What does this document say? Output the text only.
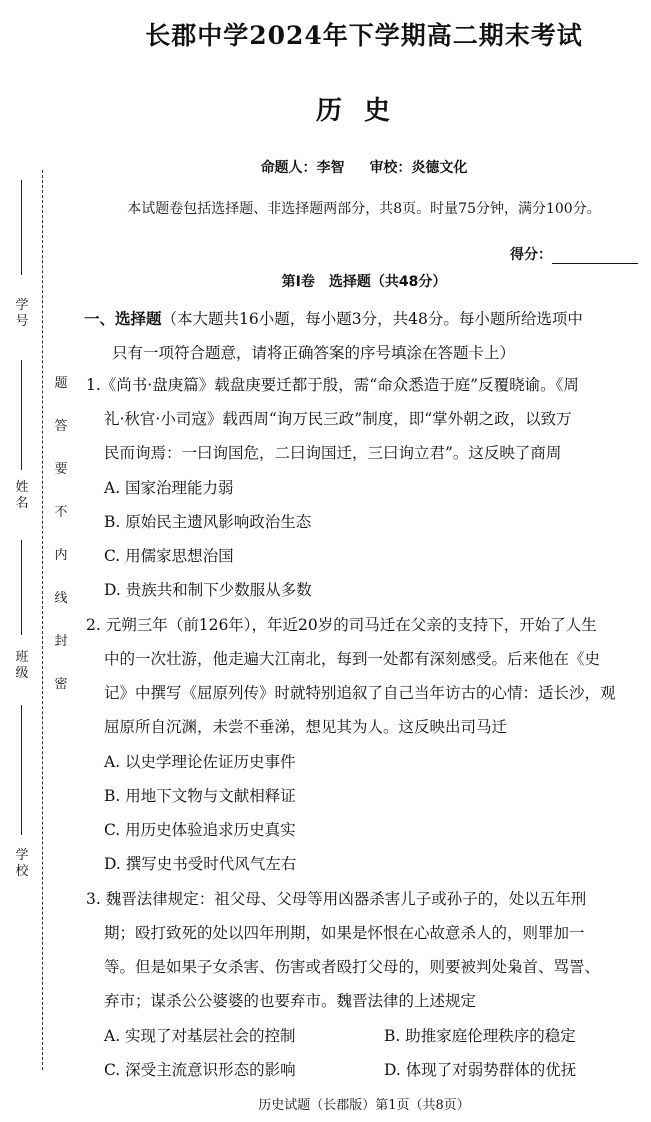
学号
姓名
班级
学校
题
答
要
不
内
线
封
密
长郡中学2024年下学期高二期末考试
历史
命题人：李智 审校：炎德文化
本试题卷包括选择题、非选择题两部分，共8页。时量75分钟，满分100分。
得分：
第Ⅰ卷　选择题（共48分）
一、选择题（本大题共16小题，每小题3分，共48分。每小题所给选项中
只有一项符合题意，请将正确答案的序号填涂在答题卡上）
1.《尚书·盘庚篇》载盘庚要迁都于殷，需“命众悉造于庭”反覆晓谕。《周
礼·秋官·小司寇》载西周“询万民三政”制度，即“掌外朝之政，以致万
民而询焉：一曰询国危，二曰询国迁，三曰询立君”。这反映了商周
A. 国家治理能力弱
B. 原始民主遗风影响政治生态
C. 用儒家思想治国
D. 贵族共和制下少数服从多数
2. 元朔三年（前126年），年近20岁的司马迁在父亲的支持下，开始了人生
中的一次壮游，他走遍大江南北，每到一处都有深刻感受。后来他在《史
记》中撰写《屈原列传》时就特别追叙了自己当年访古的心情：适长沙，观
屈原所自沉渊，未尝不垂涕，想见其为人。这反映出司马迁
A. 以史学理论佐证历史事件
B. 用地下文物与文献相释证
C. 用历史体验追求历史真实
D. 撰写史书受时代风气左右
3. 魏晋法律规定：祖父母、父母等用凶器杀害儿子或孙子的，处以五年刑
期；殴打致死的处以四年刑期，如果是怀恨在心故意杀人的，则罪加一
等。但是如果子女杀害、伤害或者殴打父母的，则要被判处枭首、骂詈、
弃市；谋杀公公婆婆的也要弃市。魏晋法律的上述规定
A. 实现了对基层社会的控制	B. 助推家庭伦理秩序的稳定
C. 深受主流意识形态的影响	D. 体现了对弱势群体的优抚
历史试题（长郡版）第1页（共8页）
